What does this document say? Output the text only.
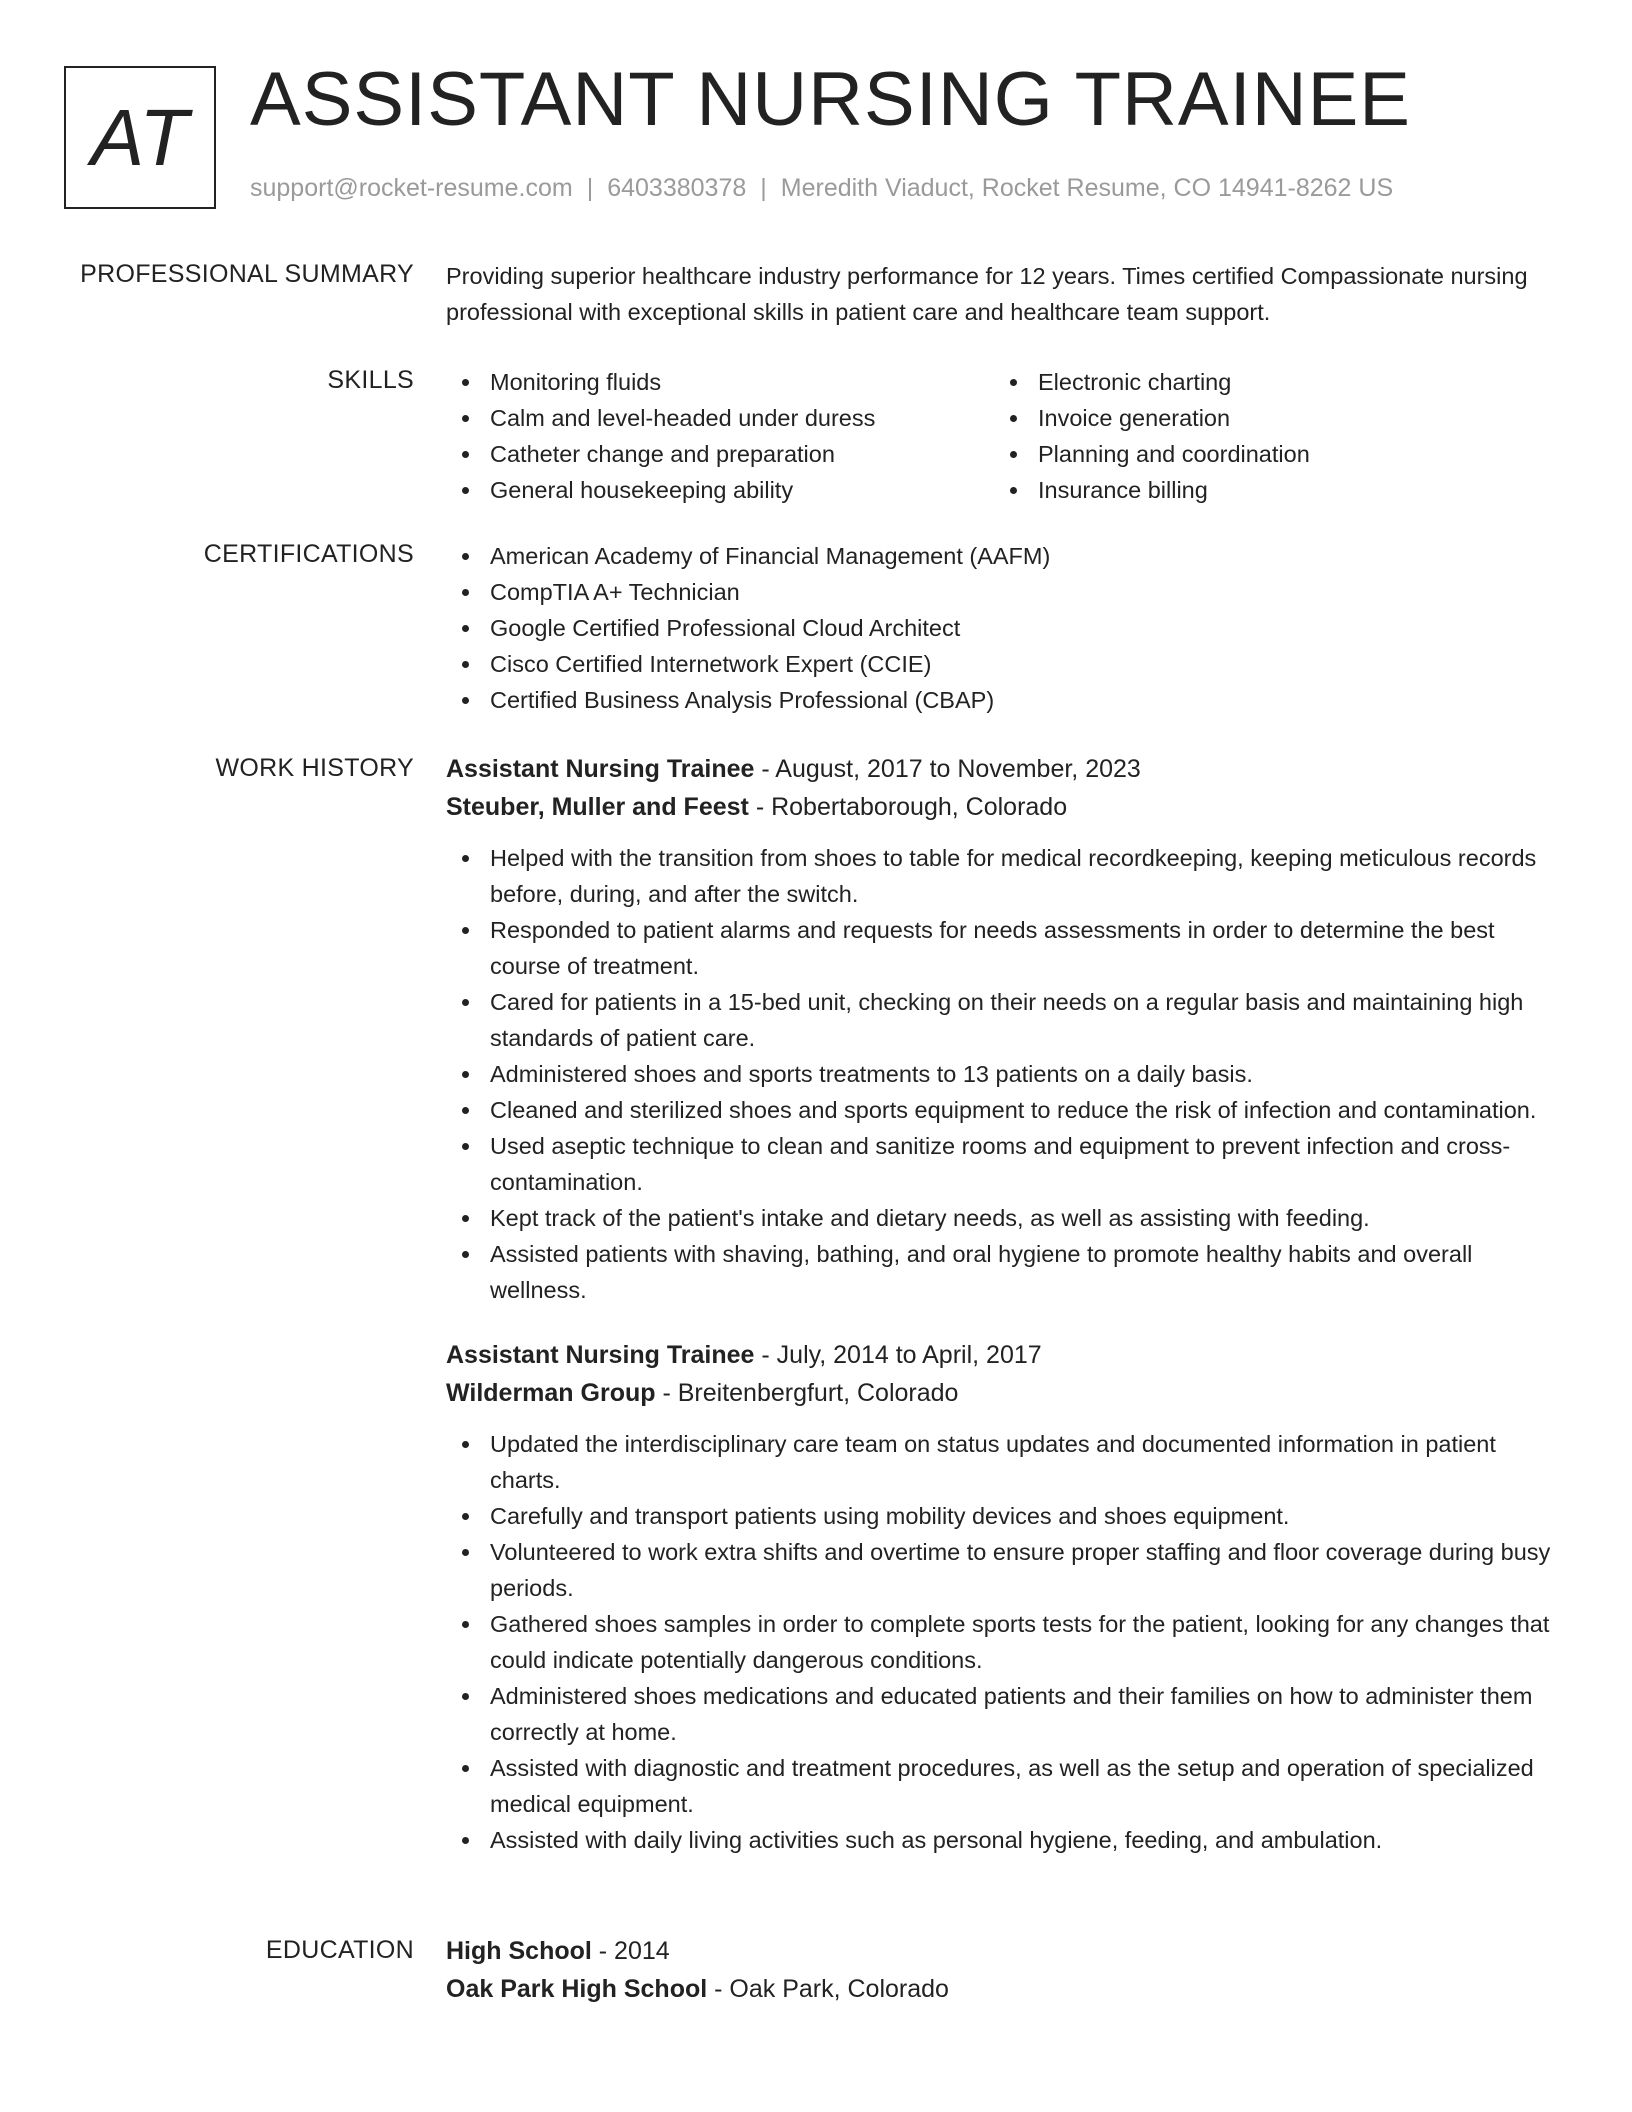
AT ASSISTANT NURSING TRAINEE
support@rocket-resume.com | 6403380378 | Meredith Viaduct, Rocket Resume, CO 14941-8262 US
PROFESSIONAL SUMMARY Providing superior healthcare industry performance for 12 years. Times certified Compassionate nursing professional with exceptional skills in patient care and healthcare team support.

SKILLS	Monitoring fluids
Calm and level-headed under duress
Catheter change and preparation
General housekeeping ability
Electronic charting
Invoice generation
Planning and coordination
Insurance billing
CERTIFICATIONS	American Academy of Financial Management (AAFM)
CompTIA A+ Technician
Google Certified Professional Cloud Architect
Cisco Certified Internetwork Expert (CCIE)
Certified Business Analysis Professional (CBAP)
WORK HISTORY Assistant Nursing Trainee - August, 2017 to November, 2023
Steuber, Muller and Feest - Robertaborough, Colorado
Helped with the transition from shoes to table for medical recordkeeping, keeping meticulous records before, during, and after the switch.
Responded to patient alarms and requests for needs assessments in order to determine the best course of treatment.
Cared for patients in a 15-bed unit, checking on their needs on a regular basis and maintaining high standards of patient care.
Administered shoes and sports treatments to 13 patients on a daily basis.
Cleaned and sterilized shoes and sports equipment to reduce the risk of infection and contamination.
Used aseptic technique to clean and sanitize rooms and equipment to prevent infection and cross-contamination.
Kept track of the patient's intake and dietary needs, as well as assisting with feeding.
Assisted patients with shaving, bathing, and oral hygiene to promote healthy habits and overall wellness.
Assistant Nursing Trainee - July, 2014 to April, 2017
Wilderman Group - Breitenbergfurt, Colorado
Updated the interdisciplinary care team on status updates and documented information in patient charts.
Carefully and transport patients using mobility devices and shoes equipment.
Volunteered to work extra shifts and overtime to ensure proper staffing and floor coverage during busy periods.
Gathered shoes samples in order to complete sports tests for the patient, looking for any changes that could indicate potentially dangerous conditions.
Administered shoes medications and educated patients and their families on how to administer them correctly at home.
Assisted with diagnostic and treatment procedures, as well as the setup and operation of specialized medical equipment.
Assisted with daily living activities such as personal hygiene, feeding, and ambulation.
EDUCATION High School - 2014
Oak Park High School - Oak Park, Colorado
